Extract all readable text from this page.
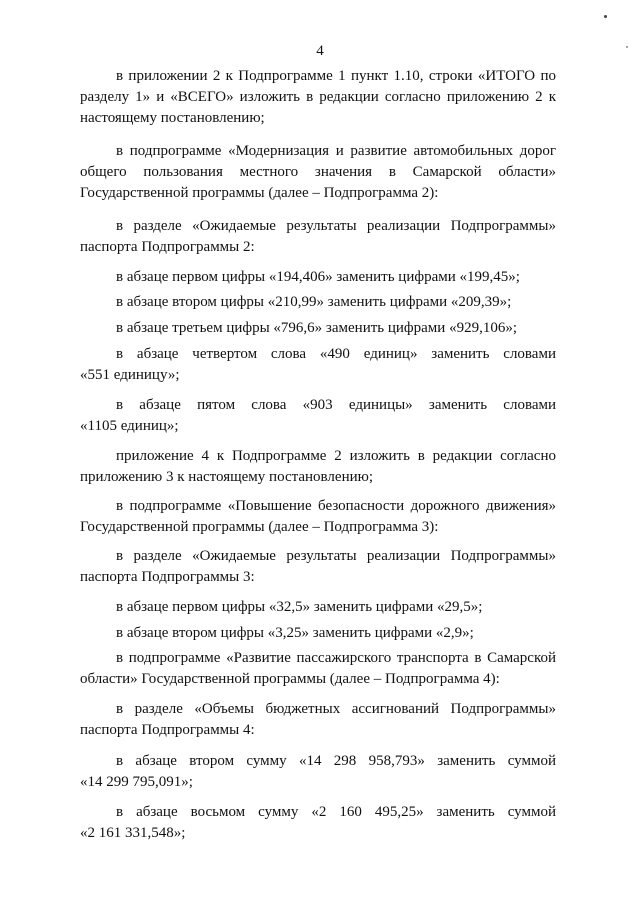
4
в приложении 2 к Подпрограмме 1 пункт 1.10, строки «ИТОГО по
разделу 1» и «ВСЕГО» изложить в редакции согласно приложению 2 к
настоящему постановлению;
в подпрограмме «Модернизация и развитие автомобильных дорог
общего пользования местного значения в Самарской области»
Государственной программы (далее – Подпрограмма 2):
в разделе «Ожидаемые результаты реализации Подпрограммы»
паспорта Подпрограммы 2:
в абзаце первом цифры «194,406» заменить цифрами «199,45»;
в абзаце втором цифры «210,99» заменить цифрами «209,39»;
в абзаце третьем цифры «796,6» заменить цифрами «929,106»;
в абзаце четвертом слова «490 единиц» заменить словами
«551 единицу»;
в абзаце пятом слова «903 единицы» заменить словами
«1105 единиц»;
приложение 4 к Подпрограмме 2 изложить в редакции согласно
приложению 3 к настоящему постановлению;
в подпрограмме «Повышение безопасности дорожного движения»
Государственной программы (далее – Подпрограмма 3):
в разделе «Ожидаемые результаты реализации Подпрограммы»
паспорта Подпрограммы 3:
в абзаце первом цифры «32,5» заменить цифрами «29,5»;
в абзаце втором цифры «3,25» заменить цифрами «2,9»;
в подпрограмме «Развитие пассажирского транспорта в Самарской
области» Государственной программы (далее – Подпрограмма 4):
в разделе «Объемы бюджетных ассигнований Подпрограммы»
паспорта Подпрограммы 4:
в абзаце втором сумму «14 298 958,793» заменить суммой
«14 299 795,091»;
в абзаце восьмом сумму «2 160 495,25» заменить суммой
«2 161 331,548»;
